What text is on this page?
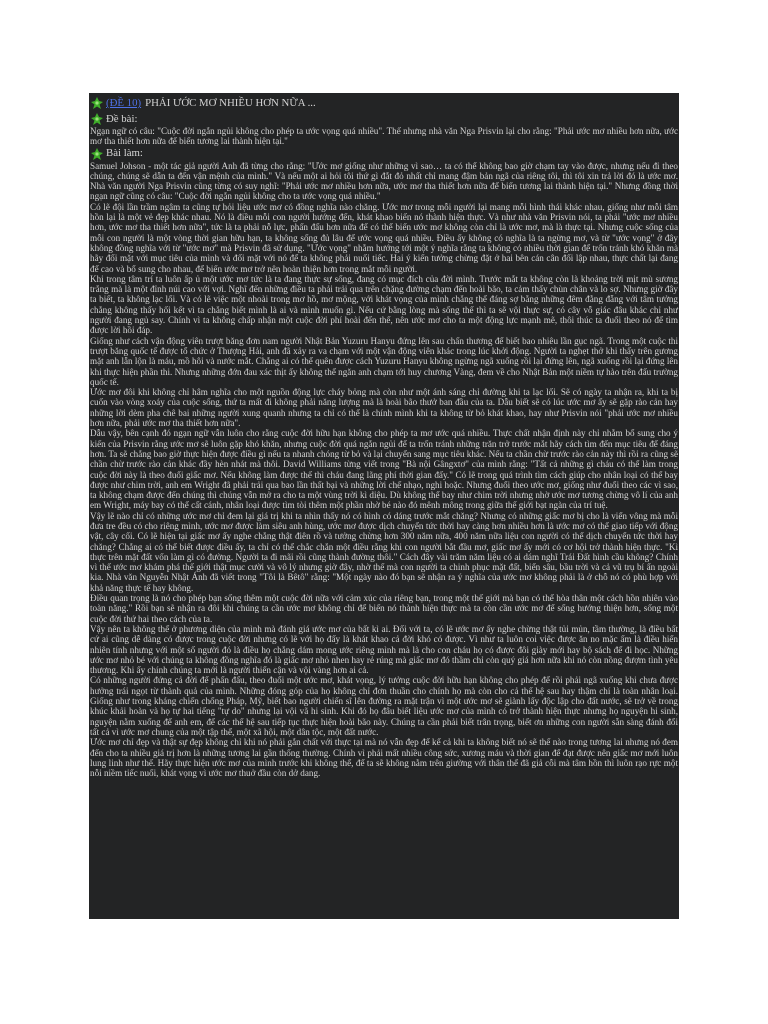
(ĐỀ 10) PHẢI ƯỚC MƠ NHIỀU HƠN NỮA ...
Đề bài:

Ngạn ngữ có câu: "Cuộc đời ngắn ngủi không cho phép ta ước vọng quá nhiều". Thế nhưng nhà văn Nga Prisvin lại cho rằng: "Phải ước mơ nhiều hơn nữa, ước mơ tha thiết hơn nữa để biến tương lai thành hiện tại."

Bài làm:

Samuel Johson - một tác giả người Anh đã từng cho rằng: "Ước mơ giống như những vì sao… ta có thể không bao giờ chạm tay vào được, nhưng nếu đi theo chúng, chúng sẽ dẫn ta đến vận mệnh của mình." Và nếu một ai hỏi tôi thứ gì đắt đỏ nhất chỉ mang đậm bản ngã của riêng tôi, thì tôi xin trả lời đó là ước mơ. Nhà văn người Nga Prisvin cũng từng có suy nghĩ: "Phải ước mơ nhiều hơn nữa, ước mơ tha thiết hơn nữa để biến tương lai thành hiện tại." Nhưng đồng thời ngạn ngữ cũng có câu: "Cuộc đời ngắn ngủi không cho ta ước vọng quá nhiều."

Có lẽ đội lần trầm ngâm ta cũng tự hỏi liệu ước mơ có đồng nghĩa nào chăng. Ước mơ trong mỗi người lại mang mỗi hình thái khác nhau, giống như mỗi tâm hồn lại là một vẻ đẹp khác nhau. Nó là điều mỗi con người hướng đến, khát khao biến nó thành hiện thực. Và như nhà văn Prisvin nói, ta phải "ước mơ nhiều hơn, ước mơ tha thiết hơn nữa", tức là ta phải nỗ lực, phấn đấu hơn nữa để có thể biến ước mơ không còn chỉ là ước mơ, mà là thực tại. Nhưng cuộc sống của mỗi con người là một vòng thời gian hữu hạn, ta không sống đủ lâu để ước vọng quá nhiều. Điều ấy không có nghĩa là ta ngừng mơ, và từ "ước vọng" ở đây không đồng nghĩa với từ "ước mơ" mà Prisvin đã sử dụng. "Ước vọng" nhằm hướng tới một ý nghĩa rằng ta không có nhiều thời gian để trốn tránh khó khăn mà hãy đối mặt với mục tiêu của mình và đối mặt với nó để ta không phải nuối tiếc. Hai ý kiến tưởng chừng đặt ở hai bên cán cân đối lập nhau, thực chất lại đang để cao và bổ sung cho nhau, để biến ước mơ trở nên hoàn thiện hơn trong mắt mỗi người.

Khi trong tâm trí ta luôn ấp ủ một ước mơ tức là ta đang thực sự sống, đang có mục đích của đời mình. Trước mắt ta không còn là khoảng trời mịt mù sương trắng mà là một đỉnh núi cao với vợi. Nghĩ đến những điều ta phải trải qua trên chặng đường chạm đến hoài bão, ta cảm thấy chùn chân và lo sợ. Nhưng giờ đây ta biết, ta không lạc lối. Và có lẽ việc một nhoài trong mơ hồ, mơ mộng, với khát vọng của mình chẳng thể đáng sợ bằng những đêm đằng đẵng với tâm tưởng chẳng không thấy hối kết vì ta chẳng biết mình là ai và mình muốn gì. Nếu cứ bằng lòng mà sống thế thì ta sẽ vội thực sự, có cây vỗ giác đâu khác chỉ như người đang ngủ say. Chính vì ta không chấp nhận một cuộc đời phí hoài đến thế, nên ước mơ cho ta một động lực mạnh mẽ, thôi thúc ta đuổi theo nó để tìm được lời hồi đáp.

Giống như cách vận động viên trượt băng đơn nam người Nhật Bản Yuzuru Hanyu đứng lên sau chấn thương để biết bao nhiêu lần gục ngã. Trong một cuộc thi trượt băng quốc tế được tổ chức ở Thượng Hải, anh đã xảy ra va chạm với một vận động viên khác trong lúc khởi động. Người ta nghẹt thở khi thấy trên gương mặt anh lẫn lộn là máu, mồ hôi và nước mắt. Chẳng ai có thể quên được cách Yuzuru Hanyu không ngừng ngã xuống rồi lại đứng lên, ngã xuống rồi lại đứng lên khi thực hiện phần thi. Nhưng những đớn đau xác thịt ấy không thể ngăn anh chạm tới huy chương Vàng, đem về cho Nhật Bản một niềm tự hào trên đấu trường quốc tế.

Ước mơ đôi khi không chỉ hâm nghĩa cho một nguồn động lực cháy bỏng mà còn như một ánh sáng chỉ đường khi ta lạc lối. Sẽ có ngày ta nhận ra, khi ta bị cuốn vào vòng xoáy của cuộc sống, thứ ta mất đi không phải năng lượng mà là hoài bão thưở ban đầu của ta. Dẫu biết sẽ có lúc ước mơ ấy sẽ gặp rào cản hay những lời dèm pha chê bai những người xung quanh nhưng ta chỉ có thể là chính mình khi ta không từ bỏ khát khao, hay như Prisvin nói "phải ước mơ nhiều hơn nữa, phải ước mơ tha thiết hơn nữa".

Dẫu vậy, bên cạnh đó ngạn ngữ vẫn luôn cho rằng cuộc đời hữu hạn không cho phép ta mơ ước quá nhiều. Thực chất nhận định này chỉ nhằm bổ sung cho ý kiến của Prisvin rằng ước mơ sẽ luôn gặp khó khăn, nhưng cuộc đời quá ngắn ngủi để ta trốn tránh những trăn trở trước mắt hãy cách tìm đến mục tiêu để đáng hơn. Ta sẽ chẳng bao giờ thực hiện được điều gì nếu ta nhanh chóng từ bỏ và lại chuyển sang mục tiêu khác. Nếu ta chần chừ trước rào cản này thì rồi ra cũng sẽ chần chừ trước rào cản khác đầy hèn nhát mà thôi. David Williams từng viết trong "Bà nội Gângxtơ" của mình rằng: "Tất cả những gì cháu có thể làm trong cuộc đời này là theo đuổi giấc mơ. Nếu không làm được thế thì cháu đang lãng phí thời gian đấy." Có lẽ trong quá trình tìm cách giúp cho nhân loại có thể bay được như chim trời, anh em Wright đã phải trải qua bao lần thất bại và những lời chế nhạo, nghi hoặc. Nhưng đuổi theo ước mơ, giống như đuổi theo các vì sao, ta không chạm được đến chúng thì chúng vẫn mở ra cho ta một vùng trời kì diệu. Dù không thể bay như chim trời nhưng nhờ ước mơ tương chừng vô lí của anh em Wright, máy bay có thể cất cánh, nhân loại được tìm tòi thêm một phần nhờ bé nào đó mênh mông trong giữa thế giới bạt ngàn của trí tuệ.

Vậy lẽ nào chỉ có những ước mơ chỉ đem lại giá trị khi ta nhìn thấy nó có hình có dáng trước mắt chăng? Nhưng có những giấc mơ bị cho là viển vông mà mỗi đưa tre đều có cho riêng mình, ước mơ được làm siêu anh hùng, ước mơ được dịch chuyển tức thời hay càng hơn nhiều hơn là ước mơ có thể giao tiếp với động vật, cây cối. Có lẽ hiện tại giấc mơ ấy nghe chẳng thật điên rồ và tưởng chừng hơn 300 năm nữa, 400 năm nữa liệu con người có thể dịch chuyển tức thời hay chăng? Chẳng ai có thể biết được điều ấy, ta chỉ có thể chắc chắn một điều rằng khi con người bắt đầu mơ, giấc mơ ấy mới có cơ hội trở thành hiện thực. "Kì thực trên mặt đất vốn làm gì có đường. Người ta đi mãi rồi cũng thành đường thôi." Cách đây vài trăm năm liệu có ai dám nghĩ Trái Đất hình cầu không? Chính vì thế ước mơ khám phá thế giới thật mục cười và vô lý nhưng giờ đây, nhờ thế mà con người ta chinh phục mặt đất, biển sâu, bầu trời và cả vũ trụ bí ẩn ngoài kia. Nhà văn Nguyễn Nhật Ánh đã viết trong "Tôi là Bêtô" rằng: "Một ngày nào đó bạn sẽ nhận ra ý nghĩa của ước mơ không phải là ở chỗ nó có phù hợp với khả năng thực tế hay không.

Điều quan trọng là nó cho phép bạn sống thêm một cuộc đời nữa với cảm xúc của riêng bạn, trong một thế giới mà bạn có thể hòa thân một cách hồn nhiên vào toàn năng." Rồi bạn sẽ nhận ra đôi khi chúng ta cần ước mơ không chỉ để biến nó thành hiện thực mà ta còn cần ước mơ để sống hướng thiện hơn, sống một cuộc đời thứ hai theo cách của ta.

Vậy nên ta không thể ở phương diện của mình mà đánh giá ước mơ của bất kì ai. Đối với ta, có lẽ ước mơ ấy nghe chừng thật tủi mủn, tầm thường, là điều bất cứ ai cũng dễ dàng có được trong cuộc đời nhưng có lẽ với họ đấy là khát khao cả đời khó có được. Vì như ta luôn coi việc được ăn no mặc ấm là điều hiển nhiên tính nhưng với một số người đó là điều họ chẳng dám mong ước riêng mình mà là cho con cháu họ có được đôi giày mới hay bộ sách để đi học. Những ước mơ nhỏ bé với chúng ta không đồng nghĩa đó là giấc mơ nhỏ nhen hay rẻ rúng mà giấc mơ đó thầm chỉ còn quý giá hơn nữa khi nó còn nồng đượm tình yêu thương. Khi ấy chính chúng ta mới là người thiển cận và vội vàng hơn ai cả.

Có những người đứng cả đời để phấn đấu, theo đuổi một ước mơ, khát vọng, lý tưởng cuộc đời hữu hạn không cho phép để rồi phải ngã xuống khi chưa được hưởng trái ngọt từ thành quả của mình. Những đóng góp của họ không chỉ đơn thuần cho chính họ mà còn cho cả thế hệ sau hay thậm chí là toàn nhân loại. Giống như trong kháng chiến chống Pháp, Mỹ, biết bao người chiến sĩ lên đường ra mặt trận vì một ước mơ sẽ giành lấy độc lập cho đất nước, sẽ trở về trong khúc khải hoàn và họ tự hai tiếng "tự do" nhưng lại vội vã hi sinh. Khi đó họ đâu biết liệu ước mơ của mình có trở thành hiện thực nhưng họ nguyện hi sinh, nguyện nằm xuống để anh em, để các thế hệ sau tiếp tục thực hiện hoài bão này. Chúng ta cần phải biết trân trọng, biết ơn những con người sẵn sàng đánh đổi tất cả vì ước mơ chung của một tập thể, một xã hội, một dân tộc, một đất nước.

Ước mơ chỉ đẹp và thật sự đẹp không chỉ khi nó phải gắn chất với thực tại mà nó vẫn đẹp để kể cả khi ta không biết nó sẽ thế nào trong tương lai nhưng nó đem đến cho ta nhiều giá trị hơn là những tương lai gần thống thường. Chính vì phải mất nhiều công sức, xương máu và thời gian để đạt được nên giấc mơ mới luôn lung linh như thế. Hãy thực hiện ước mơ của mình trước khi không thể, để ta sẽ không nằm trên giường với thân thể đã giả cỗi mà tâm hồn thì luôn rạo rực một nỗi niềm tiếc nuối, khát vọng vì ước mơ thuở đầu còn dở dang.
